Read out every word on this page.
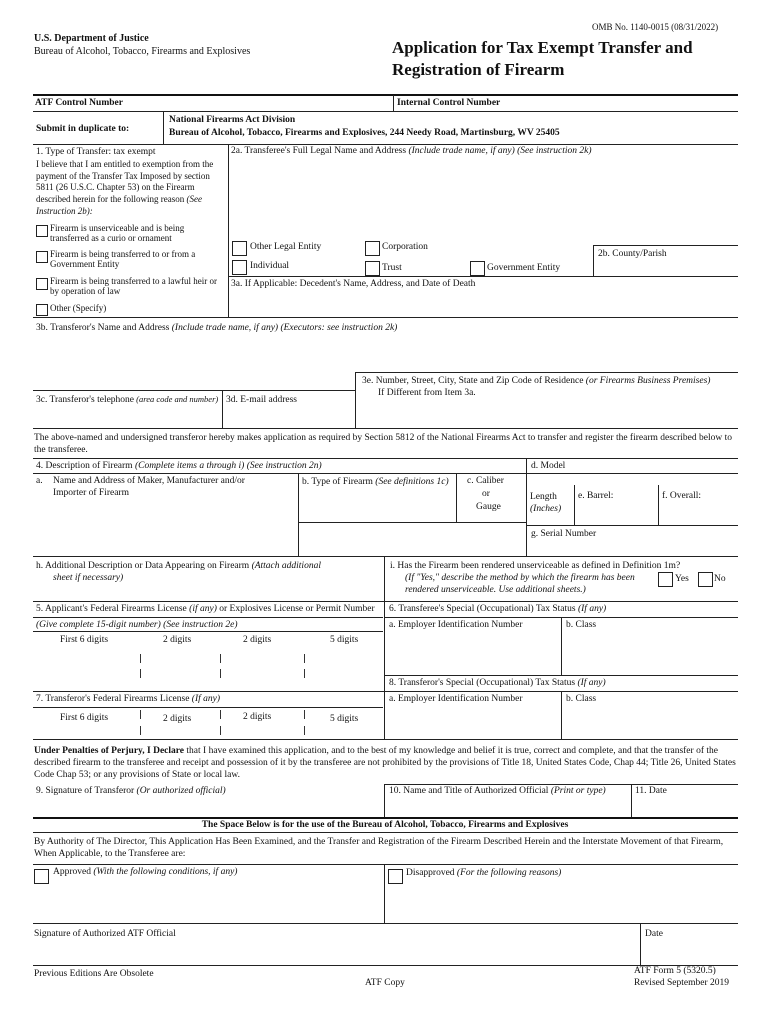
OMB No. 1140-0015 (08/31/2022)
U.S. Department of Justice
Bureau of Alcohol, Tobacco, Firearms and Explosives	Application for Tax Exempt Transfer and
Registration of Firearm
ATF Control Number	Internal Control Number
Submit in duplicate to:
National Firearms Act Division
Bureau of Alcohol, Tobacco, Firearms and Explosives, 244 Needy Road, Martinsburg, WV 25405
1. Type of Transfer: tax exempt
I believe that I am entitled to exemption from the payment of the Transfer Tax Imposed by section 5811 (26 U.S.C. Chapter 53) on the Firearm described herein for the following reason (See Instruction 2b):
Firearm is unserviceable and is being transferred as a curio or ornament
Firearm is being transferred to or from a Government Entity
Firearm is being transferred to a lawful heir or by operation of law
Other (Specify)
2a. Transferee's Full Legal Name and Address (Include trade name, if any) (See instruction 2k)
Other Legal Entity	Corporation
Individual	Trust	Government Entity
2b. County/Parish
3a. If Applicable: Decedent's Name, Address, and Date of Death
3b. Transferor's Name and Address (Include trade name, if any) (Executors: see instruction 2k)
3e. Number, Street, City, State and Zip Code of Residence (or Firearms Business Premises)
If Different from Item 3a.
3c. Transferor's telephone (area code and number) 3d. E-mail address
The above-named and undersigned transferor hereby makes application as required by Section 5812 of the National Firearms Act to transfer and register the firearm described below to the transferee.
4. Description of Firearm (Complete items a through i) (See instruction 2n)	d. Model
a. Name and Address of Maker, Manufacturer and/or
Importer of Firearm
b. Type of Firearm (See definitions 1c) c. Caliber
or
Gauge
Length
(Inches)
e. Barrel:	f. Overall:
g. Serial Number
h. Additional Description or Data Appearing on Firearm (Attach additional
sheet if necessary)
i. Has the Firearm been rendered unserviceable as defined in Definition 1m?
(If "Yes," describe the method by which the firearm has been
rendered unserviceable. Use additional sheets.)
Yes	No
5. Applicant's Federal Firearms License (if any) or Explosives License or Permit Number
(Give complete 15-digit number) (See instruction 2e)
First 6 digits	2 digits	2 digits	5 digits
6. Transferee's Special (Occupational) Tax Status (If any)
a. Employer Identification Number	b. Class
8. Transferor's Special (Occupational) Tax Status (If any)
7. Transferor's Federal Firearms License (If any)	a. Employer Identification Number	b. Class
First 6 digits	2 digits	2 digits	5 digits
Under Penalties of Perjury, I Declare that I have examined this application, and to the best of my knowledge and belief it is true, correct and complete, and that the transfer of the described firearm to the transferee and receipt and possession of it by the transferee are not prohibited by the provisions of Title 18, United States Code, Chap 44; Title 26, United States Code Chap 53; or any provisions of State or local law.
9. Signature of Transferor (Or authorized official)	10. Name and Title of Authorized Official (Print or type)	11. Date
The Space Below is for the use of the Bureau of Alcohol, Tobacco, Firearms and Explosives
By Authority of The Director, This Application Has Been Examined, and the Transfer and Registration of the Firearm Described Herein and the Interstate Movement of that Firearm, When Applicable, to the Transferee are:
Approved (With the following conditions, if any)	Disapproved (For the following reasons)
Signature of Authorized ATF Official	Date
Previous Editions Are Obsolete
ATF Copy
ATF Form 5 (5320.5)
Revised September 2019
